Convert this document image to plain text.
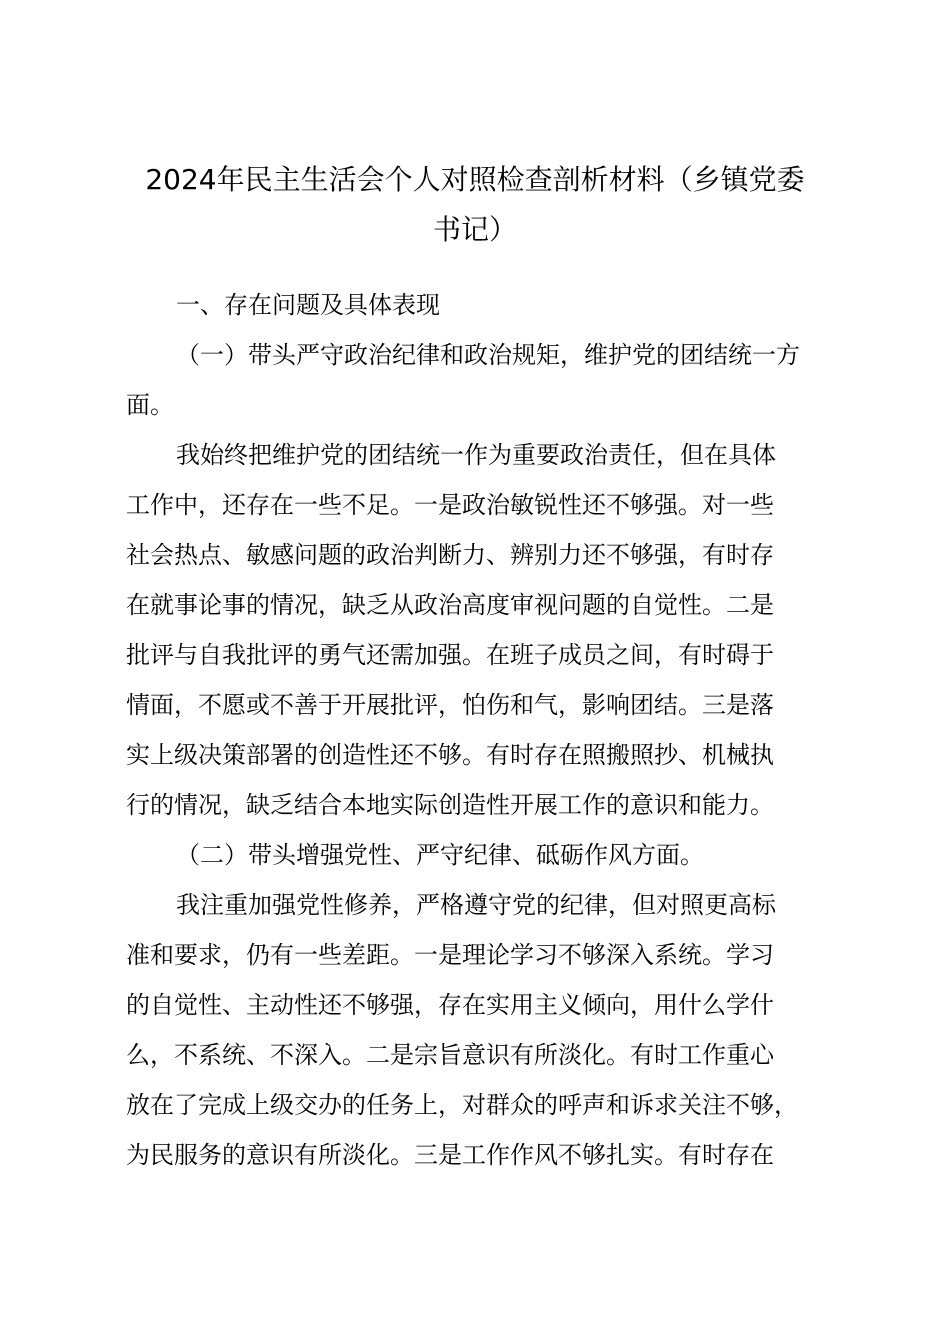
2024年民主生活会个人对照检查剖析材料（乡镇党委
书记）

一、存在问题及具体表现

（一）带头严守政治纪律和政治规矩，维护党的团结统一方

面。

我始终把维护党的团结统一作为重要政治责任，但在具体

工作中，还存在一些不足。一是政治敏锐性还不够强。对一些

社会热点、敏感问题的政治判断力、辨别力还不够强，有时存

在就事论事的情况，缺乏从政治高度审视问题的自觉性。二是

批评与自我批评的勇气还需加强。在班子成员之间，有时碍于

情面，不愿或不善于开展批评，怕伤和气，影响团结。三是落

实上级决策部署的创造性还不够。有时存在照搬照抄、机械执

行的情况，缺乏结合本地实际创造性开展工作的意识和能力。

（二）带头增强党性、严守纪律、砥砺作风方面。

我注重加强党性修养，严格遵守党的纪律，但对照更高标

准和要求，仍有一些差距。一是理论学习不够深入系统。学习

的自觉性、主动性还不够强，存在实用主义倾向，用什么学什

么，不系统、不深入。二是宗旨意识有所淡化。有时工作重心

放在了完成上级交办的任务上，对群众的呼声和诉求关注不够，

为民服务的意识有所淡化。三是工作作风不够扎实。有时存在
